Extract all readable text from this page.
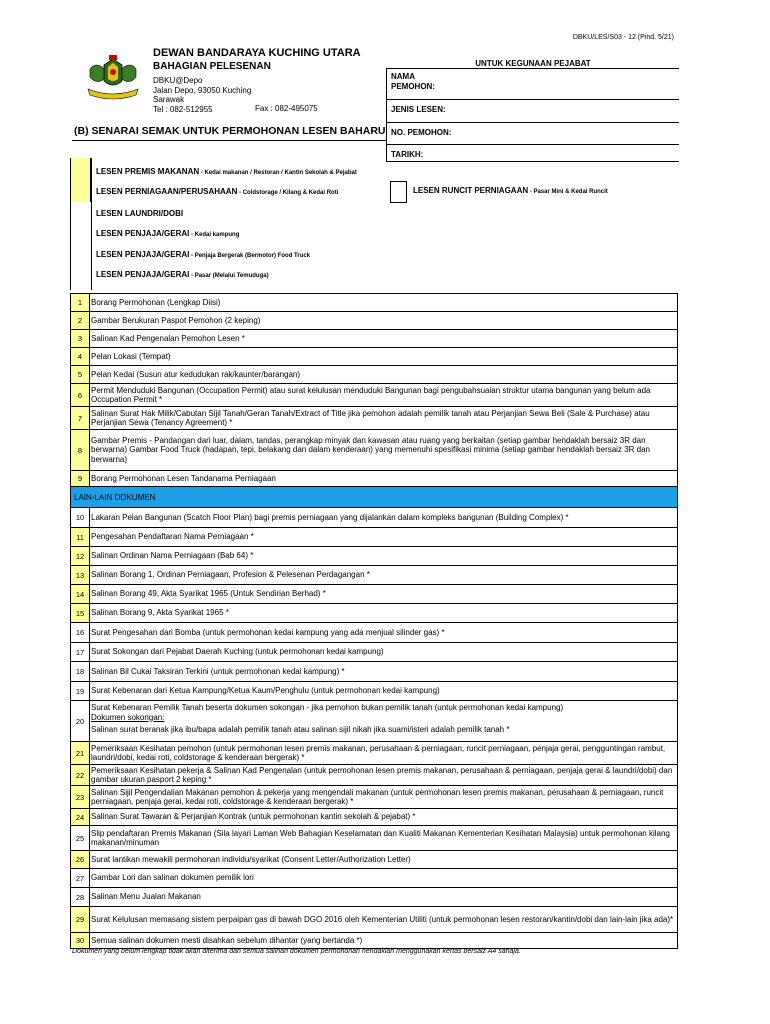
DBKU/LES/S03 - 12 (Pind. 5/21)
DEWAN BANDARAYA KUCHING UTARA
BAHAGIAN PELESENAN
DBKU@Depo
Jalan Depo, 93050 Kuching
Sarawak
Tel : 082-512955	Fax : 082-495075
UNTUK KEGUNAAN PEJABAT
NAMA
PEMOHON:
JENIS LESEN:
NO. PEMOHON:
TARIKH:
(B) SENARAI SEMAK UNTUK PERMOHONAN LESEN BAHARU
LESEN PREMIS MAKANAN - Kedai makanan / Restoran / Kantin Sekolah & Pejabat
LESEN PERNIAGAAN/PERUSAHAAN - Coldstorage / Kilang & Kedai Roti
LESEN LAUNDRI/DOBI
LESEN PENJAJA/GERAI - Kedai kampung
LESEN PENJAJA/GERAI - Penjaja Bergerak (Bermotor) Food Truck
LESEN PENJAJA/GERAI - Pasar (Melalui Temuduga)
LESEN RUNCIT PERNIAGAAN - Pasar Mini & Kedai Runcit
1	Borang Permohonan (Lengkap Diisi)
2	Gambar Berukuran Paspot Pemohon (2 keping)
3	Salinan Kad Pengenalan Pemohon Lesen *
4	Pelan Lokasi (Tempat)
5	Pelan Kedai (Susun atur kedudukan rak/kaunter/barangan)
6
Permit Menduduki Bangunan (Occupation Permit) atau surat kelulusan menduduki Bangunan bagi pengubahsuaian struktur utama bangunan yang belum ada Occupation Permit *
7
Salinan Surat Hak Milik/Cabutan Sijil Tanah/Geran Tanah/Extract of Title jika pemohon adalah pemilik tanah atau Perjanjian Sewa Beli (Sale & Purchase) atau Perjanjian Sewa (Tenancy Agreement) *
8
Gambar Premis - Pandangan dari luar, dalam, tandas, perangkap minyak dan kawasan atau ruang yang berkaitan (setiap gambar hendaklah bersaiz 3R dan berwarna) Gambar Food Truck (hadapan, tepi, belakang dan dalam kenderaan) yang memenuhi spesifikasi minima (setiap gambar hendaklah bersaiz 3R dan berwarna)
9	Borang Permohonan Lesen Tandanama Perniagaan
LAIN-LAIN DOKUMEN
10 Lakaran Pelan Bangunan (Scatch Floor Plan) bagi premis perniagaan yang dijalankan dalam kompleks bangunan (Building Complex) *
11 Pengesahan Pendaftaran Nama Perniagaan *
12 Salinan Ordinan Nama Perniagaan (Bab 64) *
13 Salinan Borang 1, Ordinan Perniagaan, Profesion & Pelesenan Perdagangan *
14 Salinan Borang 49, Akta Syarikat 1965 (Untuk Sendirian Berhad) *
15 Salinan Borang 9, Akta Syarikat 1965 *
16 Surat Pengesahan dari Bomba (untuk permohonan kedai kampung yang ada menjual silinder gas) *
17 Surat Sokongan dari Pejabat Daerah Kuching (untuk permohonan kedai kampung)
18 Salinan Bil Cukai Taksiran Terkini (untuk permohonan kedai kampung) *
19 Surat Kebenaran dari Ketua Kampung/Ketua Kaum/Penghulu (untuk permohonan kedai kampung)
20
Surat Kebenaran Pemilik Tanah beserta dokumen sokongan - jika pemohon bukan pemilik tanah (untuk permohonan kedai kampung)
Dokumen sokongan:
Salinan surat beranak jika ibu/bapa adalah pemilik tanah atau salinan sijil nikah jika suami/isteri adalah pemilik tanah *
21
Pemeriksaan Kesihatan pemohon (untuk permohonan lesen premis makanan, perusahaan & perniagaan, runcit perniagaan, penjaja gerai, pengguntingan rambut, laundri/dobi, kedai roti, coldstorage & kenderaan bergerak) *
22
Pemeriksaan Kesihatan pekerja & Salinan Kad Pengenalan (untuk permohonan lesen premis makanan, perusahaan & perniagaan, penjaja gerai & laundri/dobi) dan gambar ukuran pasport 2 keping *
23
Salinan Sijil Pengendalian Makanan pemohon & pekerja yang mengendali makanan (untuk permohonan lesen premis makanan, perusahaan & perniagaan, runcit perniagaan, penjaja gerai, kedai roti, coldstorage & kenderaan bergerak) *
24 Salinan Surat Tawaran & Perjanjian Kontrak (untuk permohonan kantin sekolah & pejabat) *
25
Slip pendaftaran Premis Makanan (Sila layari Laman Web Bahagian Keselamatan dan Kualiti Makanan Kementerian Kesihatan Malaysia) untuk permohonan kilang makanan/minuman
26 Surat lantikan mewakili permohonan individu/syarikat (Consent Letter/Authorization Letter)
27 Gambar Lori dan salinan dokumen pemilik lori
28 Salinan Menu Jualan Makanan
29 Surat Kelulusan memasang sistem perpaipan gas di bawah DGO 2016 oleh Kementerian Utiliti (untuk permohonan lesen restoran/kantin/dobi dan lain-lain jika ada)*
30 Semua salinan dokumen mesti disahkan sebelum dihantar (yang bertanda *)
Dokumen yang belum lengkap tidak akan diterima dan semua salinan dokumen permohonan hendaklah menggunakan kertas bersaiz A4 sahaja.
